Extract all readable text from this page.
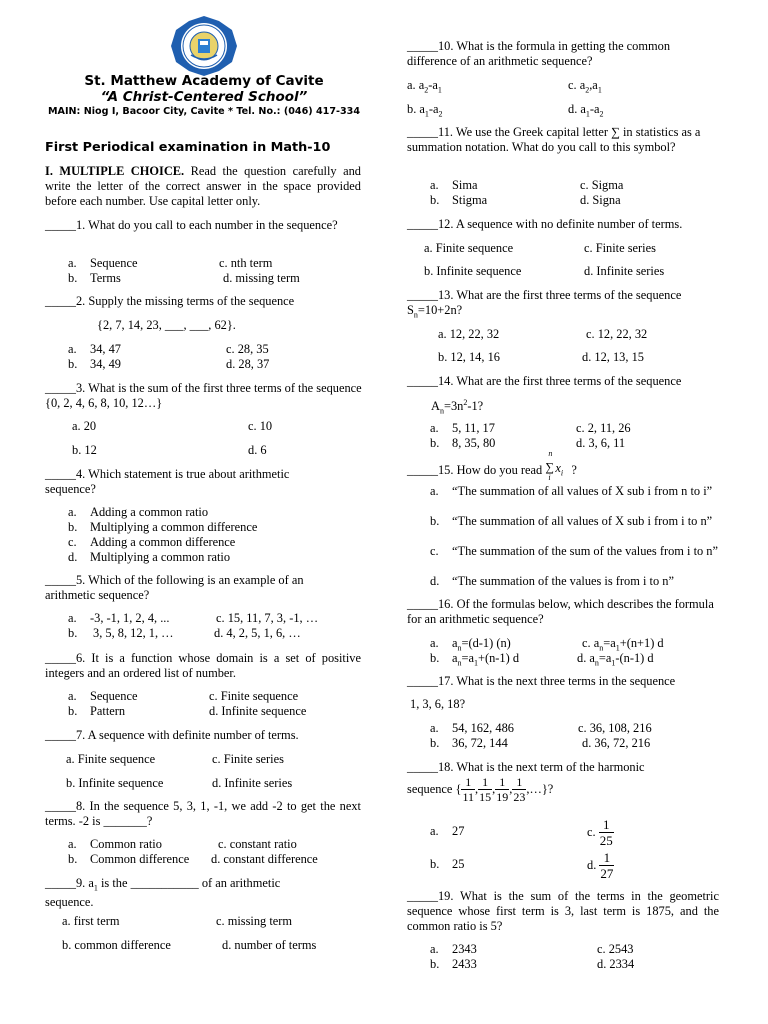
St. Matthew Academy of Cavite
“A Christ-Centered School”
MAIN: Niog I, Bacoor City, Cavite * Tel. No.: (046) 417-334
First Periodical examination in Math-10
I. MULTIPLE CHOICE. Read the question carefully and write the letter of the correct answer in the space provided before each number. Use capital letter only.
_____1. What do you call to each number in the sequence?
a. Sequence
b. Terms
c. nth term
d. missing term
_____2. Supply the missing terms of the sequence
{2, 7, 14, 23, ___, ___, 62}.
a. 34, 47
b. 34, 49
c. 28, 35
d. 28, 37
_____3. What is the sum of the first three terms of the sequence {0, 2, 4, 6, 8, 10, 12…}
a. 20
b. 12
c. 10
d. 6
_____4. Which statement is true about arithmetic sequence?
a. Adding a common ratio
b. Multiplying a common difference
c. Adding a common difference
d. Multiplying a common ratio
_____5. Which of the following is an example of an arithmetic sequence?
a. -3, -1, 1, 2, 4, ...
b. 3, 5, 8, 12, 1, …
c. 15, 11, 7, 3, -1, …
d. 4, 2, 5, 1, 6, …
_____6. It is a function whose domain is a set of positive integers and an ordered list of number.
a. Sequence
b. Pattern
c. Finite sequence
d. Infinite sequence
_____7. A sequence with definite number of terms.
a. Finite sequence
b. Infinite sequence
c. Finite series
d. Infinite series
_____8. In the sequence 5, 3, 1, -1, we add -2 to get the next terms. -2 is _______?
a. Common ratio
b. Common difference
c. constant ratio
d. constant difference
_____9. $a_1$ is the ___________ of an arithmetic sequence.
a. first term
b. common difference
c. missing term
d. number of terms
_____10. What is the formula in getting the common difference of an arithmetic sequence?
a. $a_2-a_1$
b. $a_1-a_2$
c. $a_2,a_1$
d. $a_1-a_2$
_____11. We use the Greek capital letter ∑ in statistics as a summation notation. What do you call to this symbol?
a. Sima
b. Stigma
c. Sigma
d. Signa
_____12. A sequence with no definite number of terms.
a. Finite sequence
b. Infinite sequence
c. Finite series
d. Infinite series
_____13. What are the first three terms of the sequence
$S_n=10+2n$?
a. 12, 22, 32
b. 12, 14, 16
c. 12, 22, 32
d. 12, 13, 15
_____14. What are the first three terms of the sequence
$A_n=3n^2-1$?
a. 5, 11, 17
b. 8, 35, 80
c. 2, 11, 26
d. 3, 6, 11
_____15. How do you read
n
∑
i
$x_i$ ?
a. “The summation of all values of X sub i from n to i”
b. “The summation of all values of X sub i from i to n”
c. “The summation of the sum of the values from i to n”
d. “The summation of the values is from i to n”
_____16. Of the formulas below, which describes the formula for an arithmetic sequence?
a. $a_n=(d-1)$ (n)
b. $a_n=a_1+(n-1)$ d
c. $a_n=a_1+(n+1)$ d
d. $a_n=a_1-(n-1)$ d
_____17. What is the next three terms in the sequence
1, 3, 6, 18?
a. 54, 162, 486
b. 36, 72, 144
c. 36, 108, 216
d. 36, 72, 216
_____18. What is the next term of the harmonic
sequence { $\frac{1}{11}$ , $\frac{1}{15}$ , $\frac{1}{19}$ , $\frac{1}{23}$ ,…}?
a. 27
b. 25
c. $\frac{1}{25}$
d. $\frac{1}{27}$
_____19. What is the sum of the terms in the geometric sequence whose first term is 3, last term is 1875, and the common ratio is 5?
a. 2343
b. 2433
c. 2543
d. 2334
